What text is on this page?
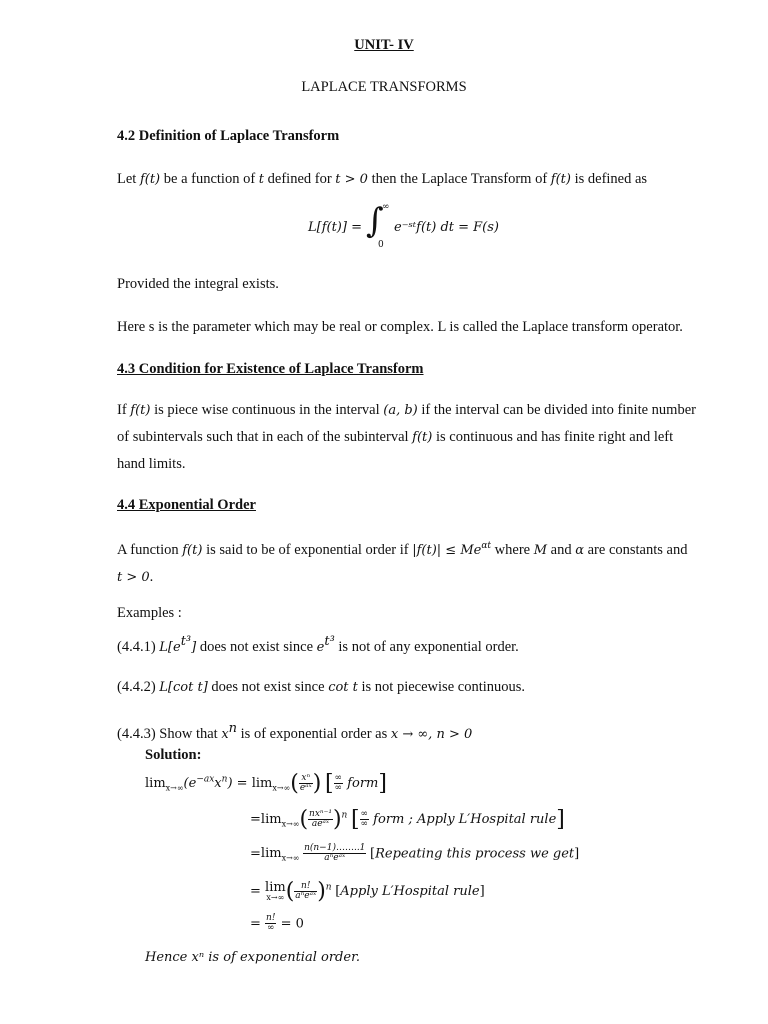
UNIT- IV
LAPLACE TRANSFORMS
4.2 Definition of Laplace Transform
Let f(t) be a function of t defined for t > 0 then the Laplace Transform of f(t) is defined as
L[f(t)] = ∫
∞
0
e⁻ˢᵗf(t) dt = F(s)
Provided the integral exists.
Here s is the parameter which may be real or complex. L is called the Laplace transform operator.
4.3 Condition for Existence of Laplace Transform
If f(t) is piece wise continuous in the interval (a, b) if the interval can be divided into finite number
of subintervals such that in each of the subinterval f(t) is continuous and has finite right and left
hand limits.
4.4 Exponential Order
A function f(t) is said to be of exponential order if $|f(t)| \le Me^{\alpha t}$ where M and α are constants and
t > 0.
Examples :
(4.4.1) $L[e^{t^3}]$ does not exist since $e^{t^3}$ is not of any exponential order.
(4.4.2) L[cot t] does not exist since cot t is not piecewise continuous.
(4.4.3) Show that $x^n$ is of exponential order as x → ∞, n > 0
Solution:
$\lim_{x\to\infty}(e^{-ax}x^n) = \lim_{x\to\infty}( \frac{\text{xⁿ}}{\text{eᵃˣ}}$ ) [ $\frac{\infty}{\infty}$ form]
$=\lim_{x\to\infty}( \frac{\text{nxⁿ⁻¹}}{\text{aeᵃˣ}} )^n$ [ $\frac{\infty}{\infty}$ form ; Apply L′Hospital rule]
$=\lim_{x\to\infty} \frac{n(n-1)\dots\dots..1}{\text{aⁿeᵃˣ}}$ [Repeating this process we get]
= lim
x→∞ ( $\frac{n!}{\text{aⁿeᵃˣ}} )^n$ [Apply L′Hospital rule]
= $\frac{n!}{\infty} = 0$
Hence xⁿ is of exponential order.
